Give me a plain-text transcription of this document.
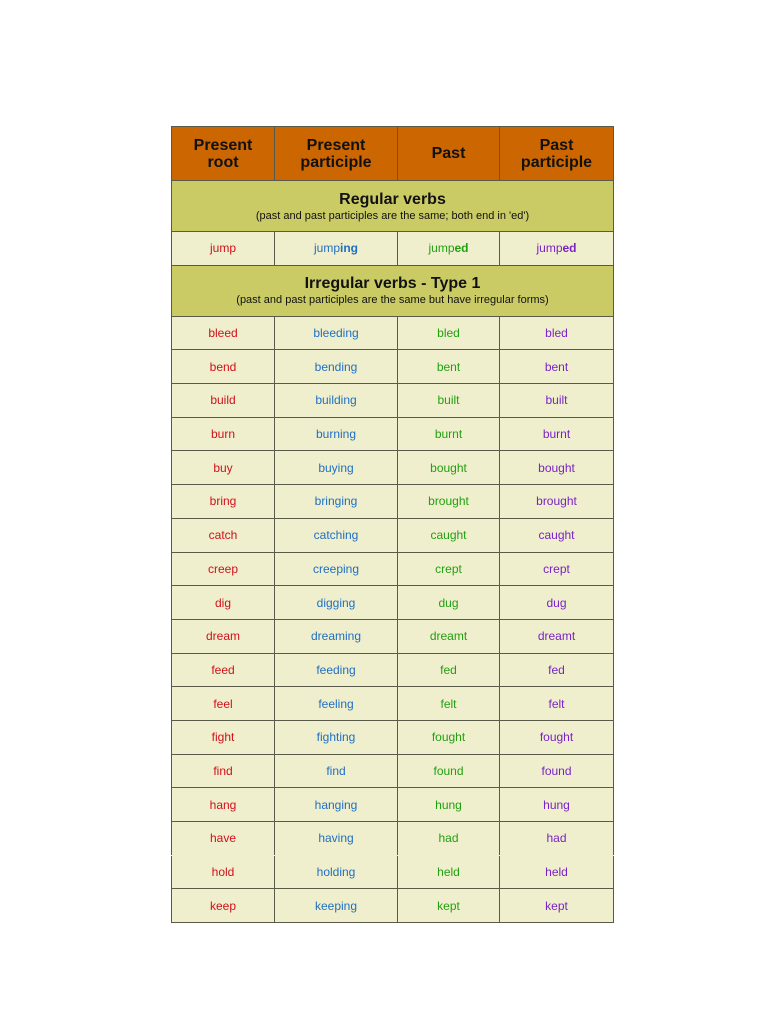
Present
root	Present
participle	Past	Past
participle

Regular verbs
(past and past participles are the same; both end in 'ed')			

jump	jumping	jumped	jumped

Irregular verbs - Type 1
(past and past participles are the same but have irregular forms)			

bleed	bleeding	bled	bled
bend	bending	bent	bent
build	building	built	built
burn	burning	burnt	burnt
buy	buying	bought	bought
bring	bringing	brought	brought
catch	catching	caught	caught
creep	creeping	crept	crept
dig	digging	dug	dug
dream	dreaming	dreamt	dreamt
feed	feeding	fed	fed
feel	feeling	felt	felt
fight	fighting	fought	fought
find	find	found	found
hang	hanging	hung	hung
have	having	had	had
hold	holding	held	held
keep	keeping	kept	kept
